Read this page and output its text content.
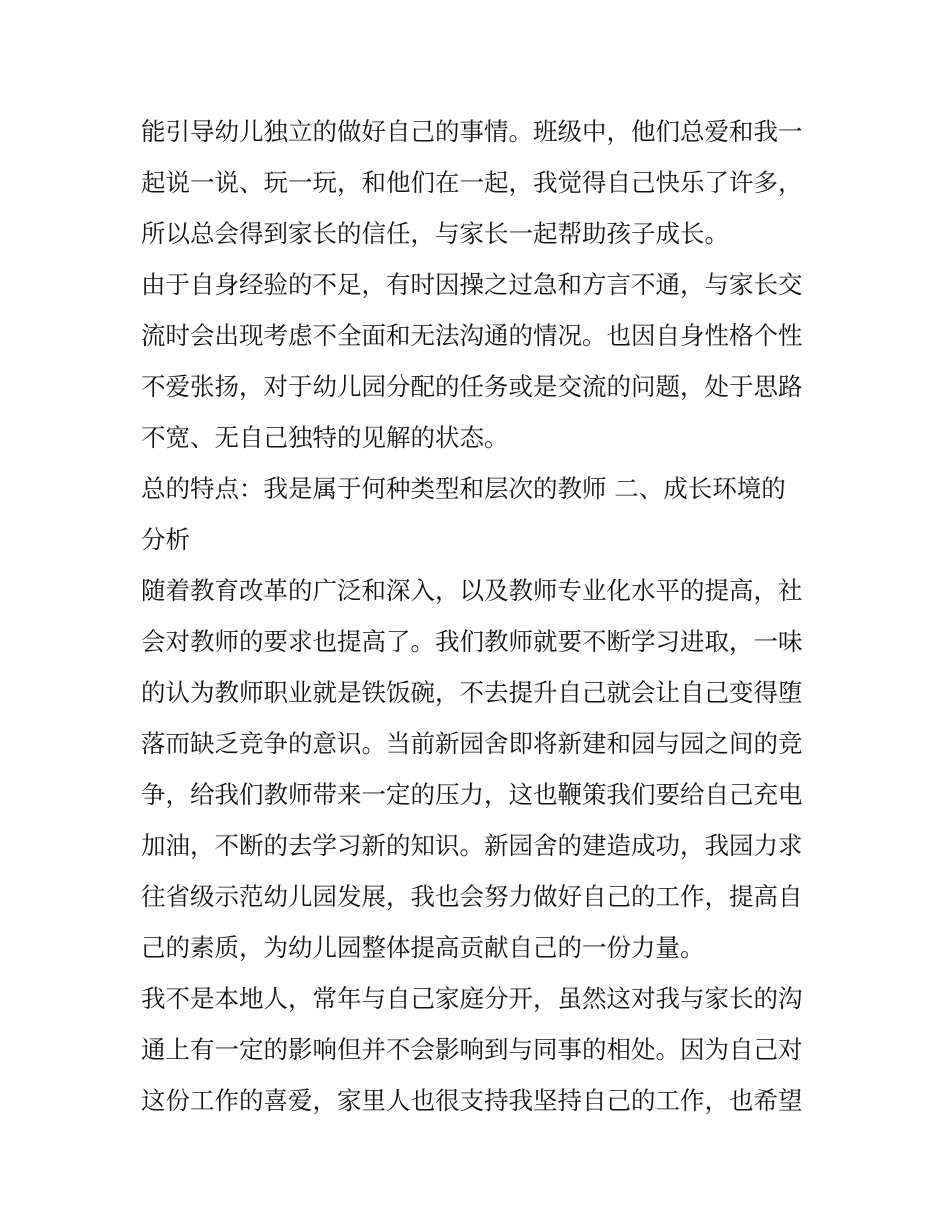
能引导幼儿独立的做好自己的事情。班级中，他们总爱和我一
起说一说、玩一玩，和他们在一起，我觉得自己快乐了许多，
所以总会得到家长的信任，与家长一起帮助孩子成长。
由于自身经验的不足，有时因操之过急和方言不通，与家长交
流时会出现考虑不全面和无法沟通的情况。也因自身性格个性
不爱张扬，对于幼儿园分配的任务或是交流的问题，处于思路
不宽、无自己独特的见解的状态。
总的特点：我是属于何种类型和层次的教师 二、成长环境的
分析
随着教育改革的广泛和深入，以及教师专业化水平的提高，社
会对教师的要求也提高了。我们教师就要不断学习进取，一味
的认为教师职业就是铁饭碗，不去提升自己就会让自己变得堕
落而缺乏竞争的意识。当前新园舍即将新建和园与园之间的竞
争，给我们教师带来一定的压力，这也鞭策我们要给自己充电
加油，不断的去学习新的知识。新园舍的建造成功，我园力求
往省级示范幼儿园发展，我也会努力做好自己的工作，提高自
己的素质，为幼儿园整体提高贡献自己的一份力量。
我不是本地人，常年与自己家庭分开，虽然这对我与家长的沟
通上有一定的影响但并不会影响到与同事的相处。因为自己对
这份工作的喜爱，家里人也很支持我坚持自己的工作，也希望
